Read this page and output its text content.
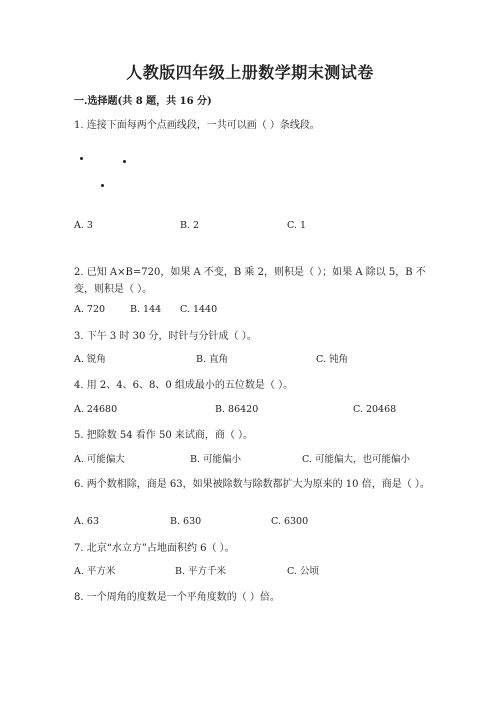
人教版四年级上册数学期末测试卷
一.选择题(共 8 题，共 16 分)
1. 连接下面每两个点画线段，一共可以画（ ）条线段。
A. 3	B. 2	C. 1
2. 已知 A×B=720，如果 A 不变，B 乘 2，则积是（ ）；如果 A 除以 5，B 不变，则积是（ ）。
A. 720	B. 144 C. 1440
3. 下午 3 时 30 分，时针与分针成（ ）。
A. 锐角	B. 直角	C. 钝角
4. 用 2、4、6、8、0 组成最小的五位数是（ ）。
A. 24680	B. 86420	C. 20468
5. 把除数 54 看作 50 来试商，商（ ）。
A. 可能偏大	B. 可能偏小	C. 可能偏大，也可能偏小
6. 两个数相除，商是 63，如果被除数与除数都扩大为原来的 10 倍，商是（ ）。
A. 63	B. 630	C. 6300
7. 北京“水立方”占地面积约 6（ ）。
A. 平方米	B. 平方千米	C. 公顷
8. 一个周角的度数是一个平角度数的（ ）倍。
